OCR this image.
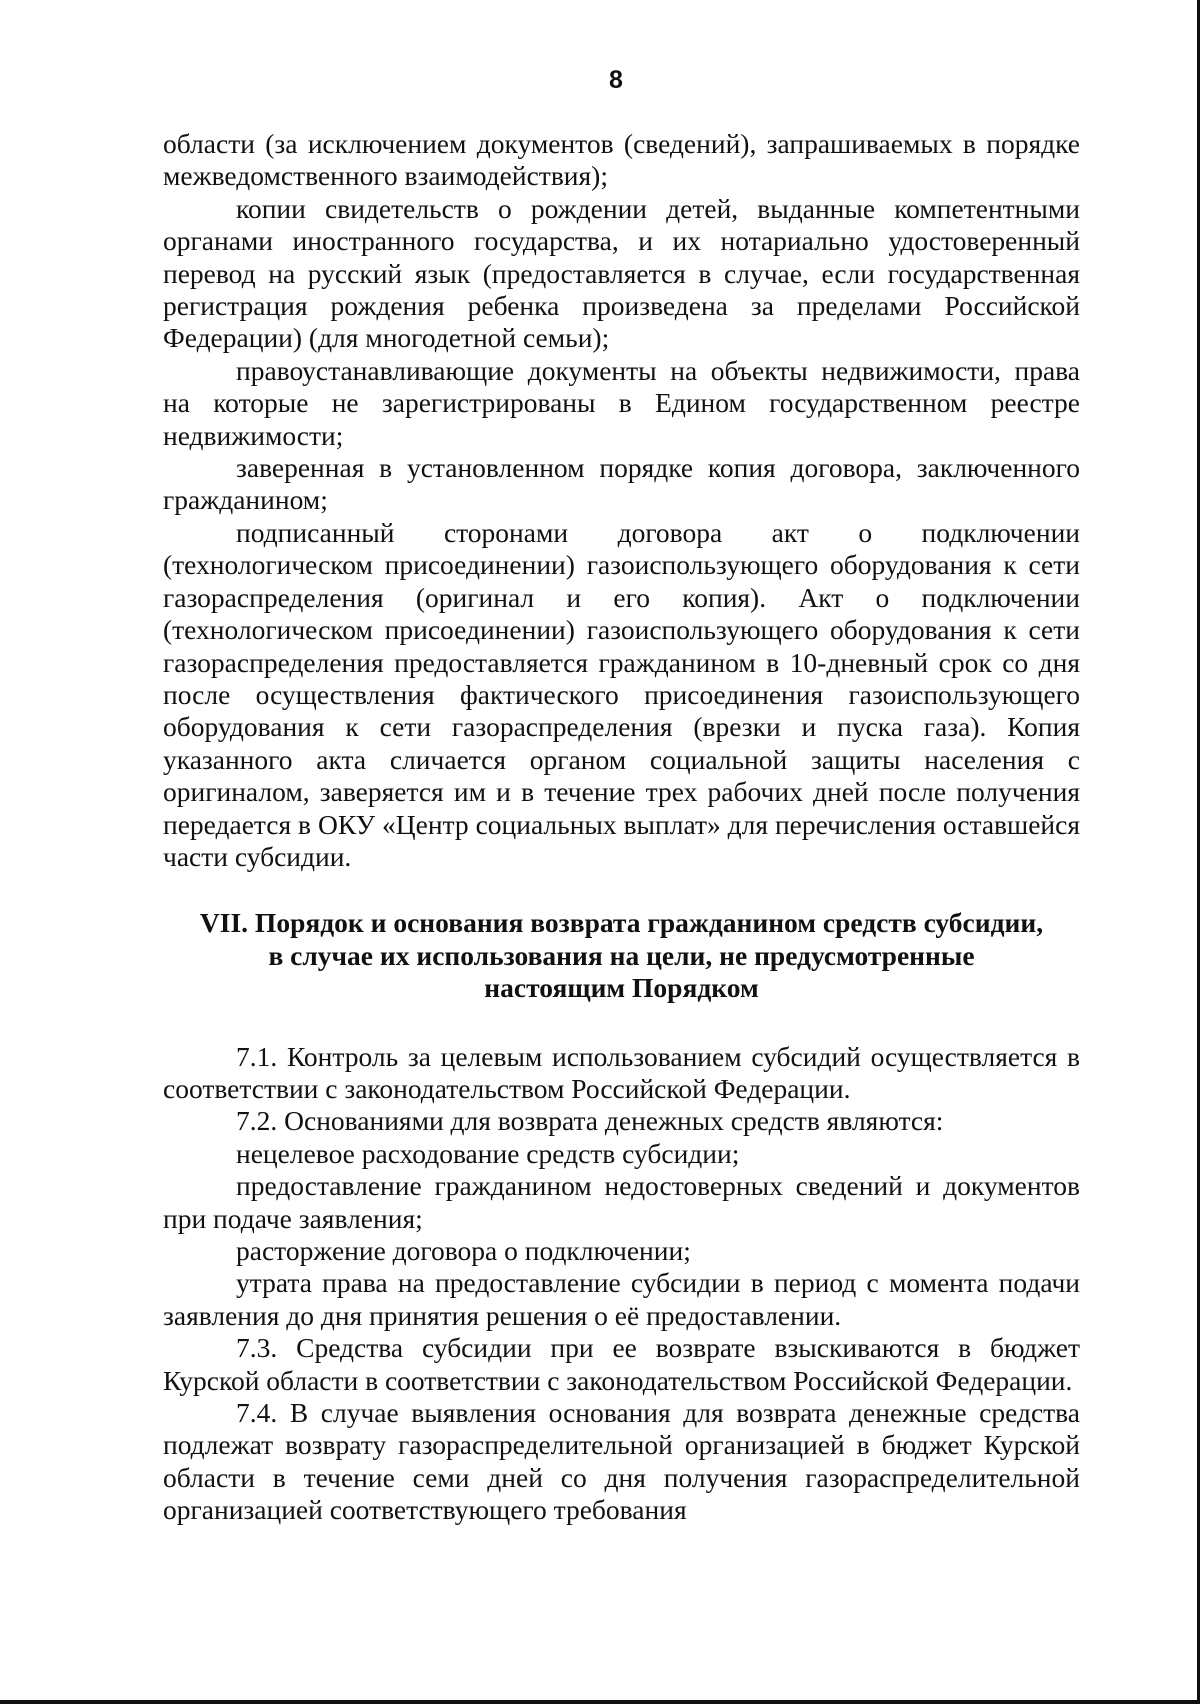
8

области (за исключением документов (сведений), запрашиваемых в порядке межведомственного взаимодействия);

копии свидетельств о рождении детей, выданные компетентными органами иностранного государства, и их нотариально удостоверенный перевод на русский язык (предоставляется в случае, если государственная регистрация рождения ребенка произведена за пределами Российской Федерации) (для многодетной семьи);

правоустанавливающие документы на объекты недвижимости, права на которые не зарегистрированы в Едином государственном реестре недвижимости;

заверенная в установленном порядке копия договора, заключенного гражданином;

подписанный сторонами договора акт о подключении (технологическом присоединении) газоиспользующего оборудования к сети газораспределения (оригинал и его копия). Акт о подключении (технологическом присоединении) газоиспользующего оборудования к сети газораспределения предоставляется гражданином в 10-дневный срок со дня после осуществления фактического присоединения газоиспользующего оборудования к сети газораспределения (врезки и пуска газа). Копия указанного акта сличается органом социальной защиты населения с оригиналом, заверяется им и в течение трех рабочих дней после получения передается в ОКУ «Центр социальных выплат» для перечисления оставшейся части субсидии.

VII. Порядок и основания возврата гражданином средств субсидии,
в случае их использования на цели, не предусмотренные
настоящим Порядком

7.1. Контроль за целевым использованием субсидий осуществляется в соответствии с законодательством Российской Федерации.

7.2. Основаниями для возврата денежных средств являются:

нецелевое расходование средств субсидии;

предоставление гражданином недостоверных сведений и документов при подаче заявления;

расторжение договора о подключении;

утрата права на предоставление субсидии в период с момента подачи заявления до дня принятия решения о её предоставлении.

7.3. Средства субсидии при ее возврате взыскиваются в бюджет Курской области в соответствии с законодательством Российской Федерации.

7.4. В случае выявления основания для возврата денежные средства подлежат возврату газораспределительной организацией в бюджет Курской области в течение семи дней со дня получения газораспределительной организацией соответствующего требования
